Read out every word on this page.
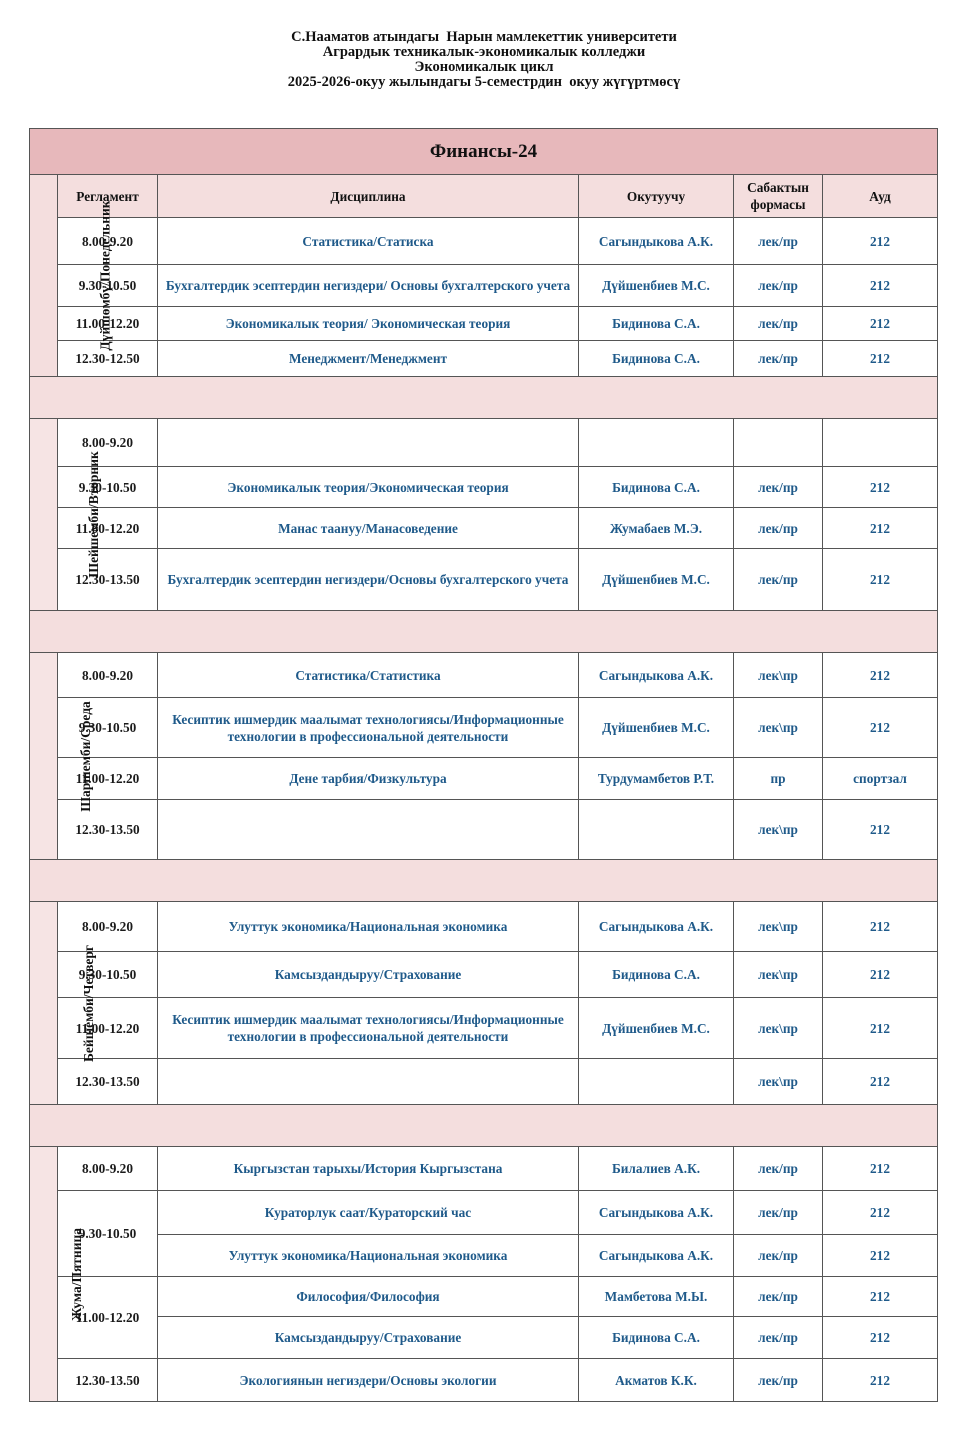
С.Нааматов атындагы  Нарын мамлекеттик университети
Агрардык техникалык-экономикалык колледжи
Экономикалык цикл
2025-2026-окуу жылындагы 5-семестрдин  окуу жүгүртмөсү
Финансы-24					
Дүйшөмбү/Понедельник	Регламент	Дисциплина	Окутуучу	Сабактын формасы	Ауд
	8.00-9.20	Статистика/Статиска	Сагындыкова А.К.	лек/пр	212
	9.30-10.50	Бухгалтердик эсептердин негиздери/ Основы бухгалтерского учета	Дүйшенбиев М.С.	лек/пр	212
	11.00-12.20	Экономикалык теория/ Экономическая теория	Бидинова С.А.	лек/пр	212
	12.30-12.50	Менеджмент/Менеджмент	Бидинова С.А.	лек/пр	212

Шейшемби/Вторник	8.00-9.20				
	9.30-10.50	Экономикалык теория/Экономическая теория	Бидинова С.А.	лек/пр	212
	11.00-12.20	Манас таануу/Манасоведение	Жумабаев М.Э.	лек/пр	212
	12.30-13.50	Бухгалтердик эсептердин негиздери/Основы бухгалтерского учета	Дүйшенбиев М.С.	лек/пр	212

Шаршемби/Среда	8.00-9.20	Статистика/Статистика	Сагындыкова А.К.	лек\пр	212
	9.30-10.50	Кесиптик ишмердик маалымат технологиясы/Информационные технологии в профессиональной деятельности	Дүйшенбиев М.С.	лек\пр	212
	11.00-12.20	Дене тарбия/Физкультура	Турдумамбетов Р.Т.	пр	спортзал
	12.30-13.50			лек\пр	212

Бейшемби/Четверг	8.00-9.20	Улуттук экономика/Национальная экономика	Сагындыкова А.К.	лек\пр	212
	9.30-10.50	Камсыздандыруу/Страхование	Бидинова С.А.	лек\пр	212
	11.00-12.20	Кесиптик ишмердик маалымат технологиясы/Информационные технологии в профессиональной деятельности	Дүйшенбиев М.С.	лек\пр	212
	12.30-13.50			лек\пр	212

Жума/Пятница	8.00-9.20	Кыргызстан тарыхы/История Кыргызстана	Билалиев А.К.	лек/пр	212
	9.30-10.50	Кураторлук саат/Кураторский час	Сагындыкова А.К.	лек/пр	212
		Улуттук экономика/Национальная экономика	Сагындыкова А.К.	лек/пр	212
	11.00-12.20	Философия/Философия	Мамбетова М.Ы.	лек/пр	212
		Камсыздандыруу/Страхование	Бидинова С.А.	лек/пр	212
	12.30-13.50	Экологиянын негиздери/Основы экологии	Акматов К.К.	лек/пр	212
